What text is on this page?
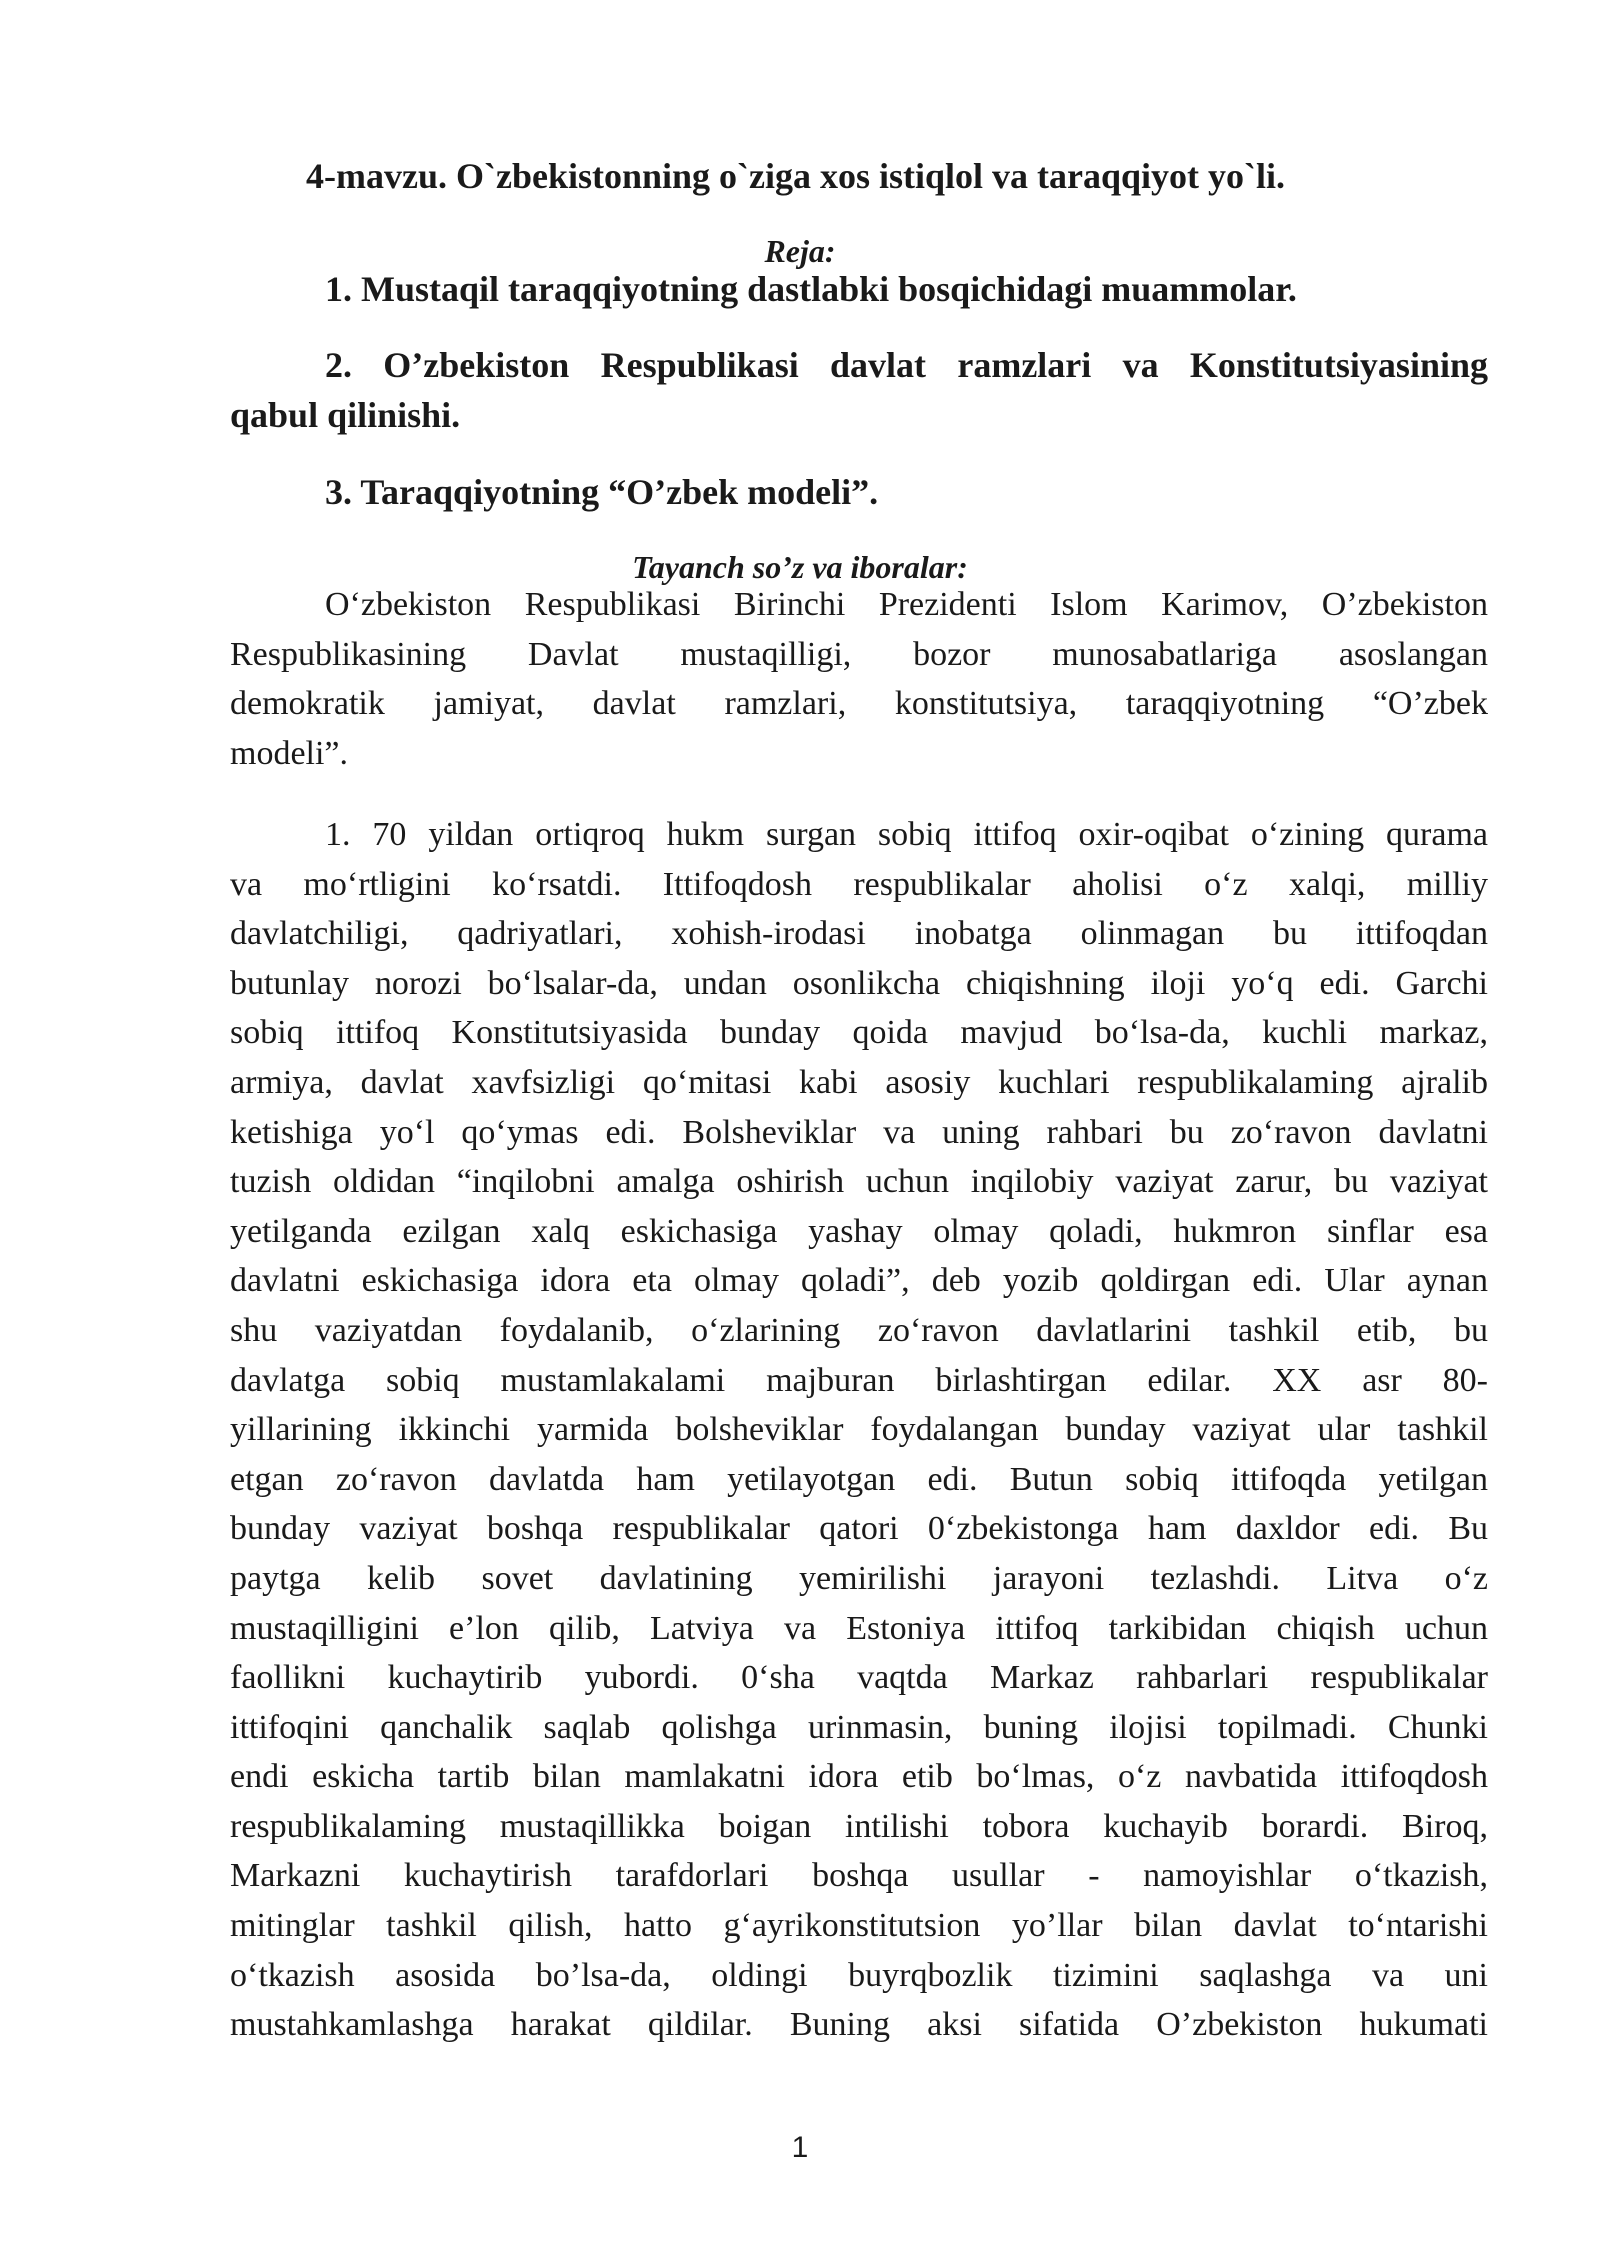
4-mavzu. O`zbekistonning o`ziga xos istiqlol va taraqqiyot yo`li.
Reja:
1. Mustaqil taraqqiyotning dastlabki bosqichidagi muammolar.
2. O’zbekiston Respublikasi davlat ramzlari va Konstitutsiyasining
qabul qilinishi.
3. Taraqqiyotning “O’zbek modeli”.
Tayanch so’z va iboralar:
O‘zbekiston Respublikasi Birinchi Prezidenti Islom Karimov, O’zbekiston
Respublikasining Davlat mustaqilligi, bozor munosabatlariga asoslangan
demokratik jamiyat, davlat ramzlari, konstitutsiya, taraqqiyotning “O’zbek
modeli”.
1. 70 yildan ortiqroq hukm surgan sobiq ittifoq oxir-oqibat o‘zining qurama
va mo‘rtligini ko‘rsatdi. Ittifoqdosh respublikalar aholisi o‘z xalqi, milliy
davlatchiligi, qadriyatlari, xohish-irodasi inobatga olinmagan bu ittifoqdan
butunlay norozi bo‘lsalar-da, undan osonlikcha chiqishning iloji yo‘q edi. Garchi
sobiq ittifoq Konstitutsiyasida bunday qoida mavjud bo‘lsa-da, kuchli markaz,
armiya, davlat xavfsizligi qo‘mitasi kabi asosiy kuchlari respublikalaming ajralib
ketishiga yo‘l qo‘ymas edi. Bolsheviklar va uning rahbari bu zo‘ravon davlatni
tuzish oldidan “inqilobni amalga oshirish uchun inqilobiy vaziyat zarur, bu vaziyat
yetilganda ezilgan xalq eskichasiga yashay olmay qoladi, hukmron sinflar esa
davlatni eskichasiga idora eta olmay qoladi”, deb yozib qoldirgan edi. Ular aynan
shu vaziyatdan foydalanib, o‘zlarining zo‘ravon davlatlarini tashkil etib, bu
davlatga sobiq mustamlakalami majburan birlashtirgan edilar. XX asr 80-
yillarining ikkinchi yarmida bolsheviklar foydalangan bunday vaziyat ular tashkil
etgan zo‘ravon davlatda ham yetilayotgan edi. Butun sobiq ittifoqda yetilgan
bunday vaziyat boshqa respublikalar qatori 0‘zbekistonga ham daxldor edi. Bu
paytga kelib sovet davlatining yemirilishi jarayoni tezlashdi. Litva o‘z
mustaqilligini e’lon qilib, Latviya va Estoniya ittifoq tarkibidan chiqish uchun
faollikni kuchaytirib yubordi. 0‘sha vaqtda Markaz rahbarlari respublikalar
ittifoqini qanchalik saqlab qolishga urinmasin, buning ilojisi topilmadi. Chunki
endi eskicha tartib bilan mamlakatni idora etib bo‘lmas, o‘z navbatida ittifoqdosh
respublikalaming mustaqillikka boigan intilishi tobora kuchayib borardi. Biroq,
Markazni kuchaytirish tarafdorlari boshqa usullar - namoyishlar o‘tkazish,
mitinglar tashkil qilish, hatto g‘ayrikonstitutsion yo’llar bilan davlat to‘ntarishi
o‘tkazish asosida bo’lsa-da, oldingi buyrqbozlik tizimini saqlashga va uni
mustahkamlashga harakat qildilar. Buning aksi sifatida O’zbekiston hukumati
1
